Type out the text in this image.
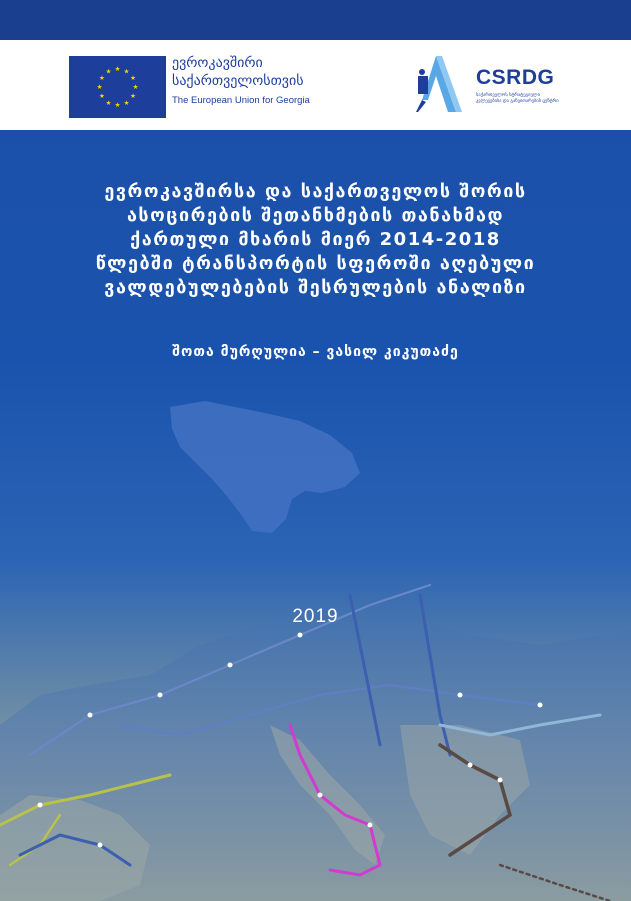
★ ★
★
★
★
★
★
★
★
★
★
★
ევროკავშირი
საქართველოსთვის
The European Union for Georgia
CSRDG
საქართველოს სტრატეგიული
კვლევებისა და განვითარების ცენტრი
ევროკავშირსა და საქართველოს შორის
ასოცირების შეთანხმების თანახმად
ქართული მხარის მიერ 2014-2018
წლებში ტრანსპორტის სფეროში აღებული
ვალდებულებების შესრულების ანალიზი
შოთა მურღულია – ვასილ კიკუთაძე
2019
